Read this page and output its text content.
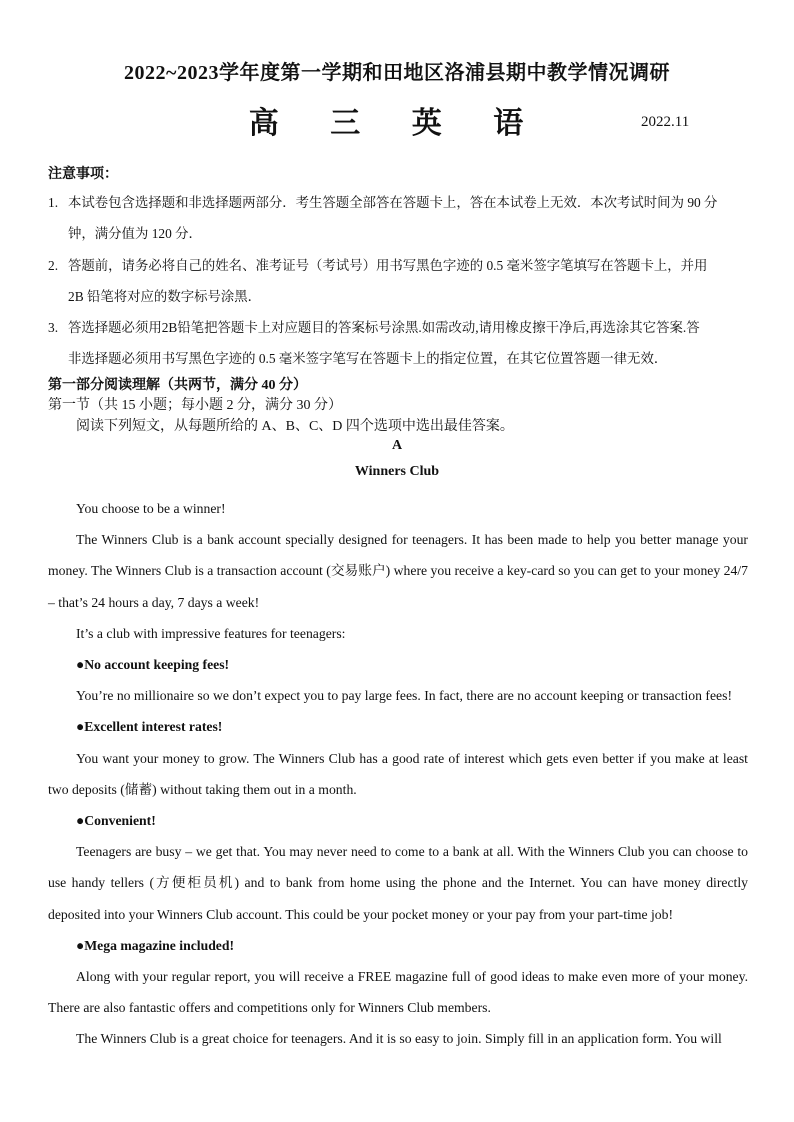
2022~2023学年度第一学期和田地区洛浦县期中教学情况调研
高 三 英 语	2022.11
注意事项：
1. 本试卷包含选择题和非选择题两部分．考生答题全部答在答题卡上，答在本试卷上无效．本次考试时间为 90 分
钟，满分值为 120 分．
2. 答题前，请务必将自己的姓名、准考证号（考试号）用书写黑色字迹的 0.5 毫米签字笔填写在答题卡上，并用
2B 铅笔将对应的数字标号涂黑．
3. 答选择题必须用2B铅笔把答题卡上对应题目的答案标号涂黑.如需改动,请用橡皮擦干净后,再选涂其它答案.答
非选择题必须用书写黑色字迹的 0.5 毫米签字笔写在答题卡上的指定位置，在其它位置答题一律无效．
第一部分阅读理解（共两节，满分 40 分）
第一节（共 15 小题；每小题 2 分，满分 30 分）
阅读下列短文，从每题所给的 A、B、C、D 四个选项中选出最佳答案。
A
Winners Club

You choose to be a winner!

The Winners Club is a bank account specially designed for teenagers. It has been made to help you better manage your money. The Winners Club is a transaction account (交易账户) where you receive a key-card so you can get to your money 24/7 – that’s 24 hours a day, 7 days a week!

It’s a club with impressive features for teenagers:

●No account keeping fees!

You’re no millionaire so we don’t expect you to pay large fees. In fact, there are no account keeping or transaction fees!

●Excellent interest rates!

You want your money to grow. The Winners Club has a good rate of interest which gets even better if you make at least two deposits (储蓄) without taking them out in a month.

●Convenient!

Teenagers are busy – we get that. You may never need to come to a bank at all. With the Winners Club you can choose to use handy tellers (方便柜员机) and to bank from home using the phone and the Internet. You can have money directly deposited into your Winners Club account. This could be your pocket money or your pay from your part-time job!

●Mega magazine included!

Along with your regular report, you will receive a FREE magazine full of good ideas to make even more of your money. There are also fantastic offers and competitions only for Winners Club members.

The Winners Club is a great choice for teenagers. And it is so easy to join. Simply fill in an application form. You will
